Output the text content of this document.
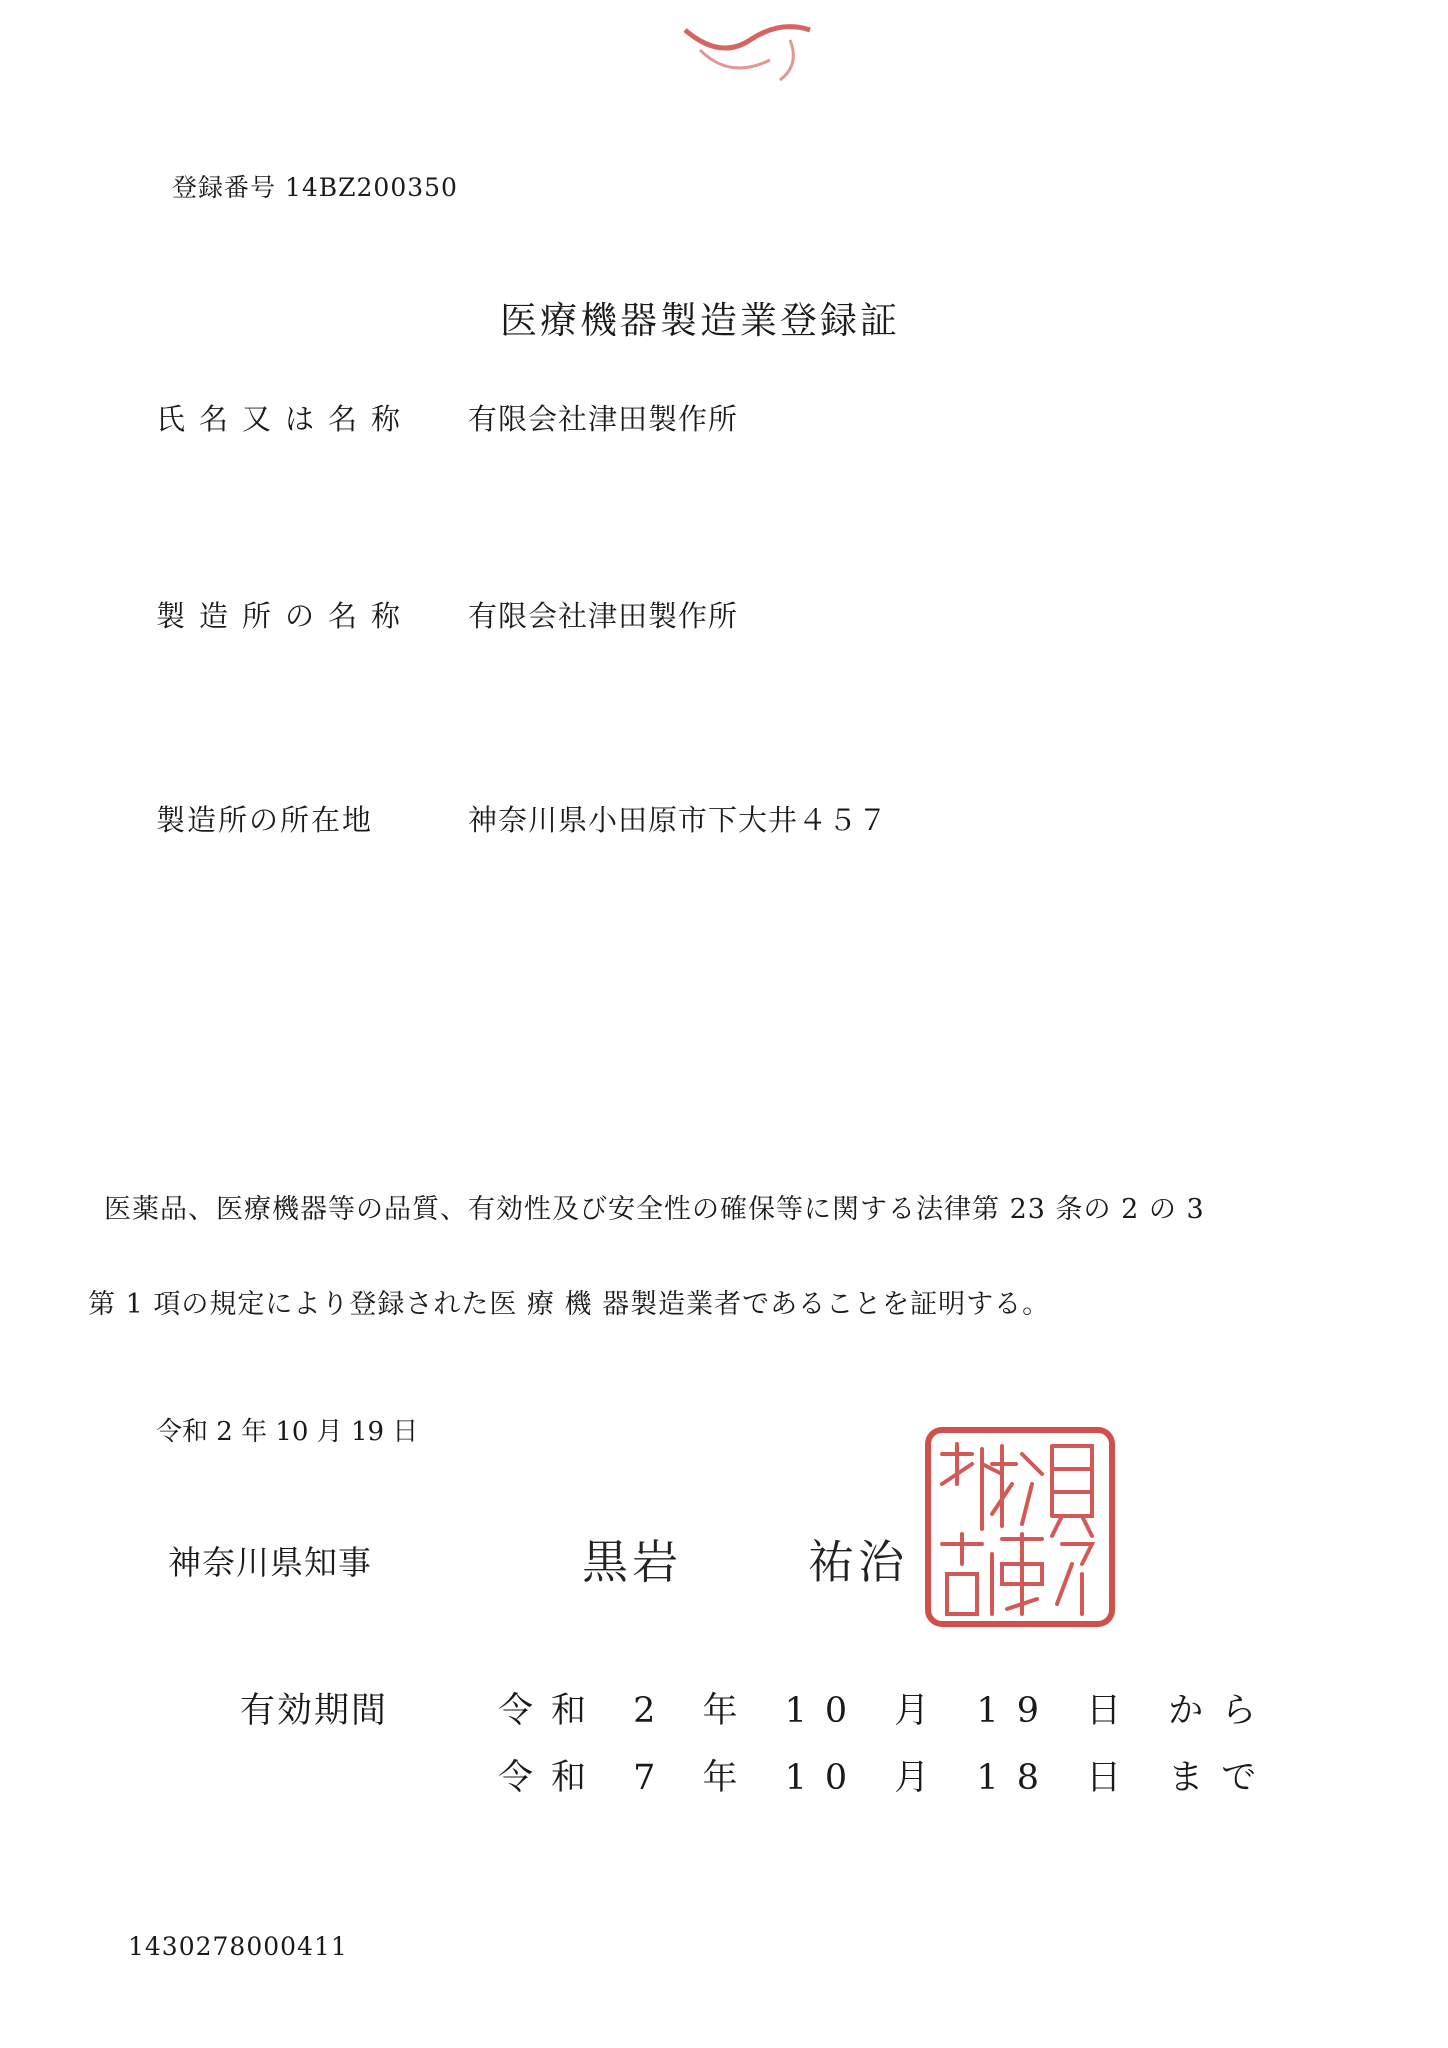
登録番号 14BZ200350
医療機器製造業登録証
氏名又は名称 有限会社津田製作所
製造所の名称 有限会社津田製作所
製造所の所在地	神奈川県小田原市下大井４５７
医薬品、医療機器等の品質、有効性及び安全性の確保等に関する法律第 23 条の 2 の 3
第 1 項の規定により登録された医 療 機 器製造業者であることを証明する。
令和 2 年 10 月 19 日
神奈川県知事	黒岩	祐治
有効期間	令和 2 年 10 月 19 日 から
令和 7 年 10 月 18 日 まで
1430278000411
